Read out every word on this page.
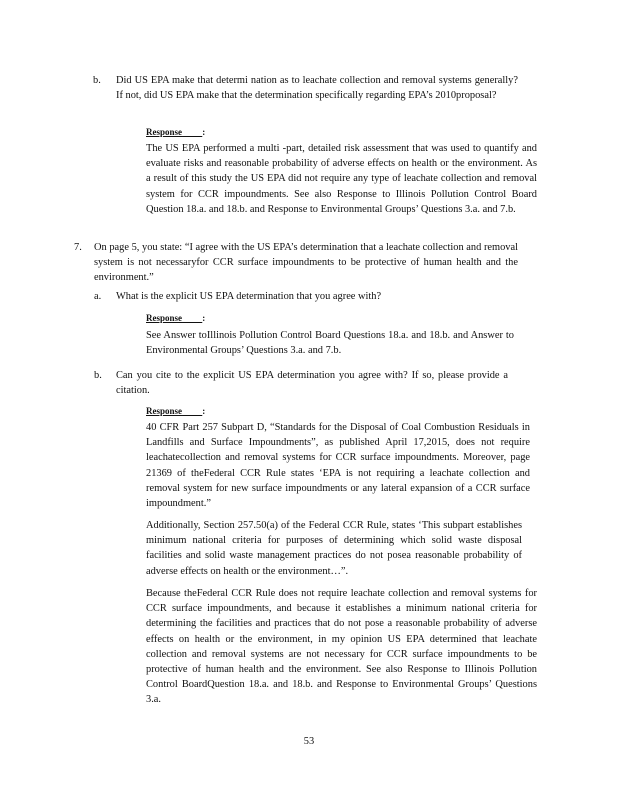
b. Did US EPA make that determi nation as to leachate collection and removal systems generally? If not, did US EPA make that the determination specifically regarding EPA’s 2010proposal?

Response :

The US EPA performed a multi -part, detailed risk assessment that was used to quantify and evaluate risks and reasonable probability of adverse effects on health or the environment. As a result of this study the US EPA did not require any type of leachate collection and removal system for CCR impoundments. See also Response to Illinois Pollution Control Board Question 18.a. and 18.b. and Response to Environmental Groups’ Questions 3.a. and 7.b.

7. On page 5, you state: “I agree with the US EPA’s determination that a leachate collection and removal system is not necessaryfor CCR surface impoundments to be protective of human health and the environment.”

a. What is the explicit US EPA determination that you agree with?

Response :

See Answer toIllinois Pollution Control Board Questions 18.a. and 18.b. and Answer to Environmental Groups’ Questions 3.a. and 7.b.

b. Can you cite to the explicit US EPA determination you agree with? If so, please provide a citation.

Response :

40 CFR Part 257 Subpart D, “Standards for the Disposal of Coal Combustion Residuals in Landfills and Surface Impoundments”, as published April 17,2015, does not require leachatecollection and removal systems for CCR surface impoundments. Moreover, page 21369 of theFederal CCR Rule states ‘EPA is not requiring a leachate collection and removal system for new surface impoundments or any lateral expansion of a CCR surface impoundment.”

Additionally, Section 257.50(a) of the Federal CCR Rule, states ‘This subpart establishes minimum national criteria for purposes of determining which solid waste disposal facilities and solid waste management practices do not posea reasonable probability of adverse effects on health or the environment…”.

Because theFederal CCR Rule does not require leachate collection and removal systems for CCR surface impoundments, and because it establishes a minimum national criteria for determining the facilities and practices that do not pose a reasonable probability of adverse effects on health or the environment, in my opinion US EPA determined that leachate collection and removal systems are not necessary for CCR surface impoundments to be protective of human health and the environment. See also Response to Illinois Pollution Control BoardQuestion 18.a. and 18.b. and Response to Environmental Groups’ Questions 3.a.

53
